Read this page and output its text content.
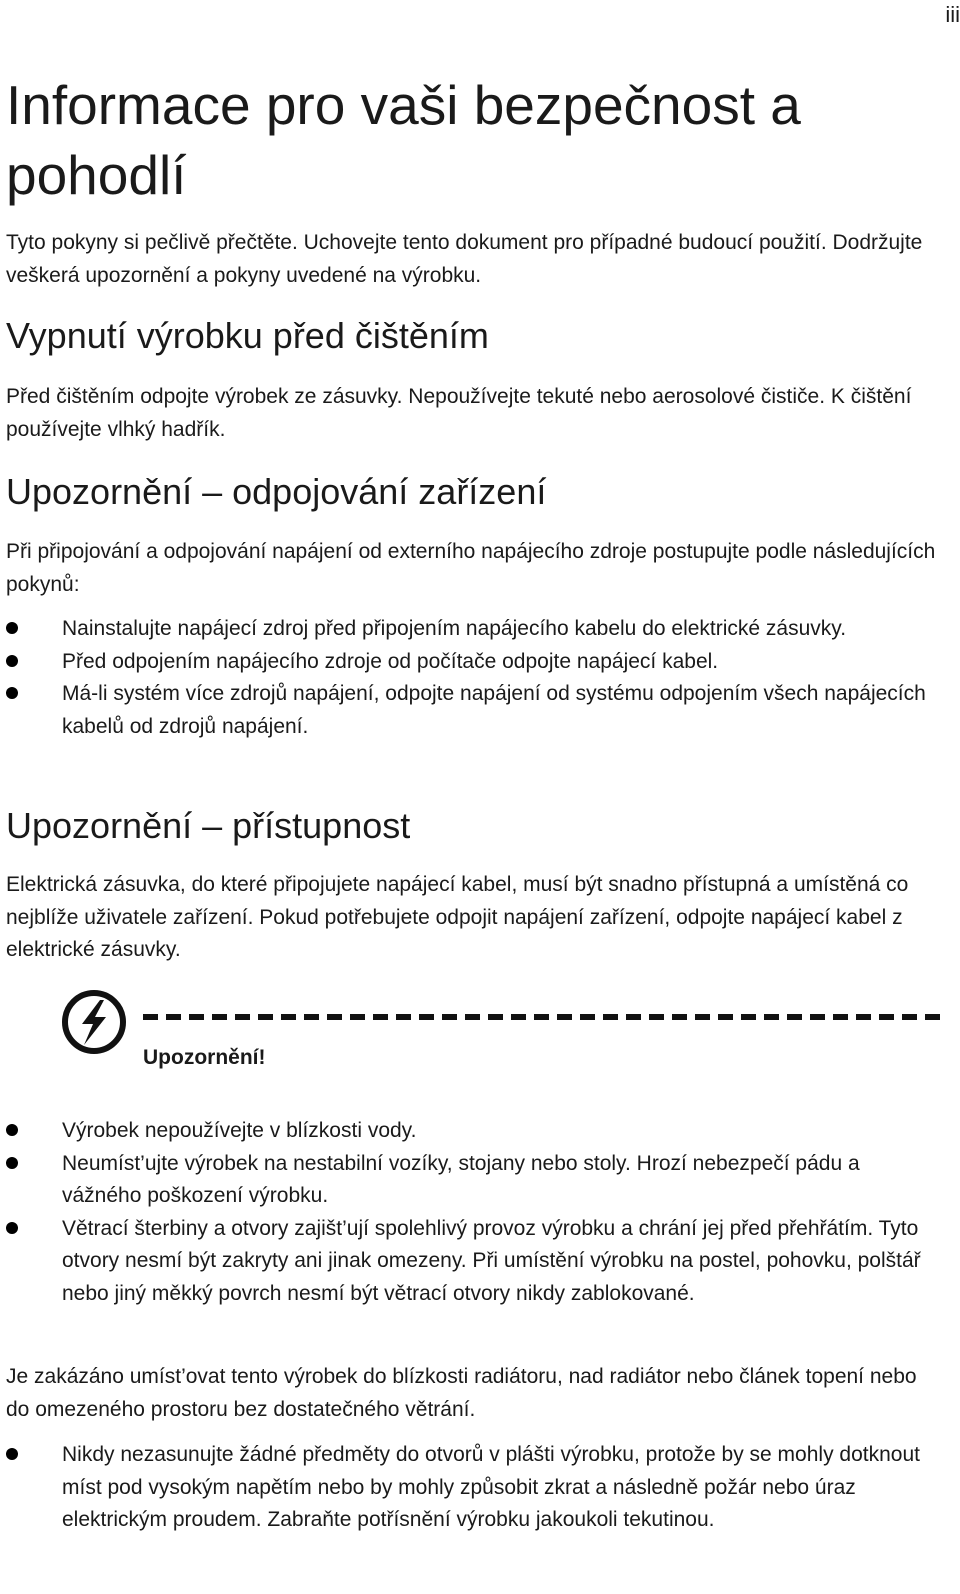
iii
Informace pro vaši bezpečnost a pohodlí

Tyto pokyny si pečlivě přečtěte. Uchovejte tento dokument pro případné budoucí použití. Dodržujte veškerá upozornění a pokyny uvedené na výrobku.

Vypnutí výrobku před čištěním

Před čištěním odpojte výrobek ze zásuvky. Nepoužívejte tekuté nebo aerosolové čističe. K čištění používejte vlhký hadřík.

Upozornění – odpojování zařízení

Při připojování a odpojování napájení od externího napájecího zdroje postupujte podle následujících pokynů:

Nainstalujte napájecí zdroj před připojením napájecího kabelu do elektrické zásuvky.
Před odpojením napájecího zdroje od počítače odpojte napájecí kabel.
Má-li systém více zdrojů napájení, odpojte napájení od systému odpojením všech napájecích kabelů od zdrojů napájení.
Upozornění – přístupnost

Elektrická zásuvka, do které připojujete napájecí kabel, musí být snadno přístupná a umístěná co nejblíže uživatele zařízení. Pokud potřebujete odpojit napájení zařízení, odpojte napájecí kabel z elektrické zásuvky.

Upozornění!

Výrobek nepoužívejte v blízkosti vody.
Neumíst’ujte výrobek na nestabilní vozíky, stojany nebo stoly. Hrozí nebezpečí pádu a vážného poškození výrobku.
Větrací šterbiny a otvory zajišt’ují spolehlivý provoz výrobku a chrání jej před přehřátím. Tyto otvory nesmí být zakryty ani jinak omezeny. Při umístění výrobku na postel, pohovku, polštář nebo jiný měkký povrch nesmí být větrací otvory nikdy zablokované.

Je zakázáno umíst’ovat tento výrobek do blízkosti radiátoru, nad radiátor nebo článek topení nebo do omezeného prostoru bez dostatečného větrání.

Nikdy nezasunujte žádné předměty do otvorů v plášti výrobku, protože by se mohly dotknout míst pod vysokým napětím nebo by mohly způsobit zkrat a následně požár nebo úraz elektrickým proudem. Zabraňte potřísnění výrobku jakoukoli tekutinou.
